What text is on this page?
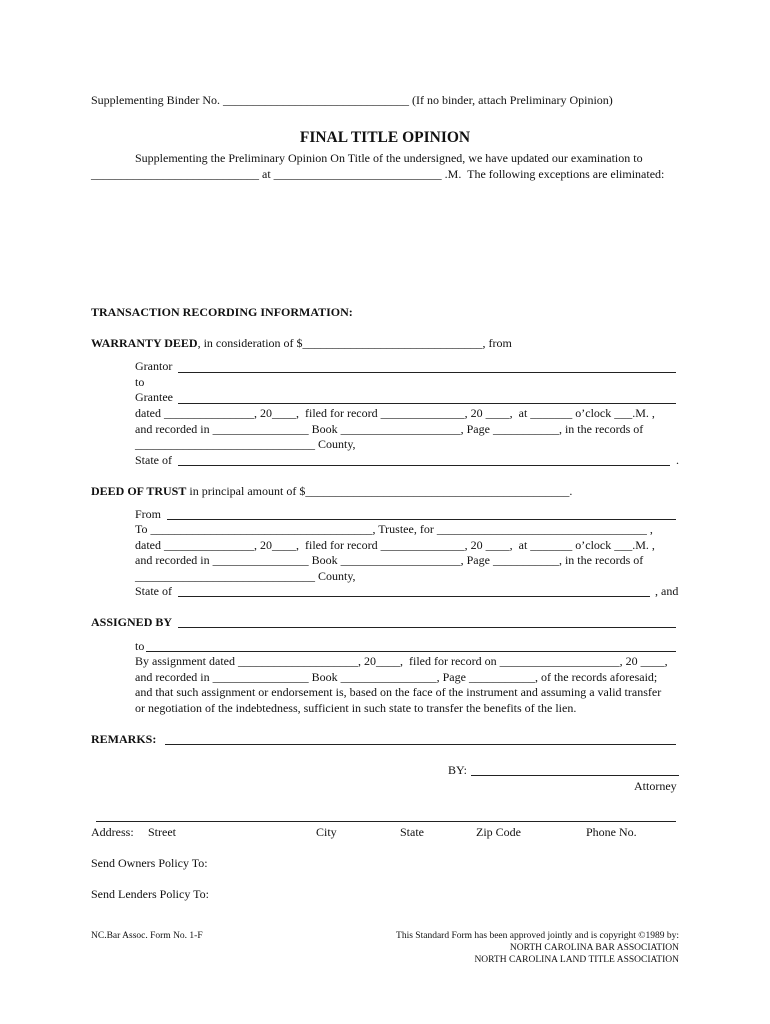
Supplementing Binder No. _______________________________ (If no binder, attach Preliminary Opinion)
FINAL TITLE OPINION
Supplementing the Preliminary Opinion On Title of the undersigned, we have updated our examination to
____________________________ at ____________________________ .M.  The following exceptions are eliminated:
TRANSACTION RECORDING INFORMATION:
WARRANTY DEED, in consideration of $______________________________, from
Grantor
to
Grantee
dated _______________, 20____,  filed for record ______________, 20 ____,  at _______ o’clock ___.M. ,
and recorded in ________________ Book ____________________, Page ___________, in the records of
______________________________ County,
State of	.
DEED OF TRUST in principal amount of $____________________________________________.
From
To _____________________________________, Trustee, for ___________________________________ ,
dated _______________, 20____,  filed for record ______________, 20 ____,  at _______ o’clock ___.M. ,
and recorded in ________________ Book ____________________, Page ___________, in the records of
______________________________ County,
State of	, and
ASSIGNED BY
to
By assignment dated ____________________, 20____,  filed for record on ____________________, 20 ____,
and recorded in ________________ Book ________________, Page ___________, of the records aforesaid;
and that such assignment or endorsement is, based on the face of the instrument and assuming a valid transfer
or negotiation of the indebtedness, sufficient in such state to transfer the benefits of the lien.
REMARKS:
BY:
Attorney
Address: Street	City	State	Zip Code	Phone No.
Send Owners Policy To:
Send Lenders Policy To:
NC.Bar Assoc. Form No. 1-F	This Standard Form has been approved jointly and is copyright ©1989 by:
NORTH CAROLINA BAR ASSOCIATION
NORTH CAROLINA LAND TITLE ASSOCIATION
